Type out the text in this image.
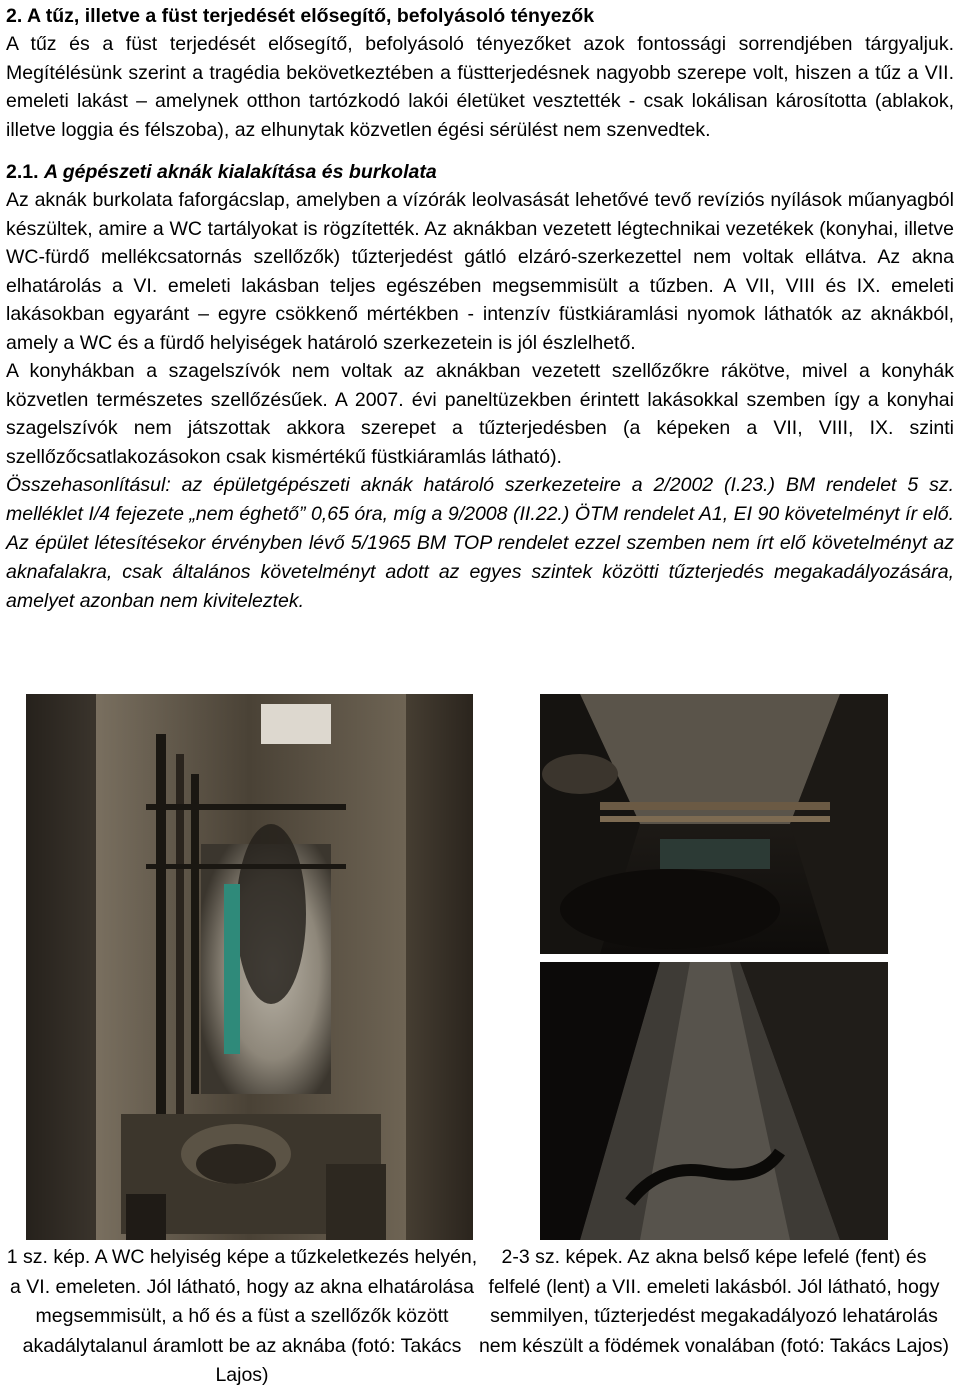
2. A tűz, illetve a füst terjedését elősegítő, befolyásoló tényezők

A tűz és a füst terjedését elősegítő, befolyásoló tényezőket azok fontossági sorrendjében tárgyaljuk. Megítélésünk szerint a tragédia bekövetkeztében a füstterjedésnek nagyobb szerepe volt, hiszen a tűz a VII. emeleti lakást – amelynek otthon tartózkodó lakói életüket vesztették - csak lokálisan károsította (ablakok, illetve loggia és félszoba), az elhunytak közvetlen égési sérülést nem szenvedtek.

2.1. A gépészeti aknák kialakítása és burkolata

Az aknák burkolata faforgácslap, amelyben a vízórák leolvasását lehetővé tevő revíziós nyílások műanyagból készültek, amire a WC tartályokat is rögzítették. Az aknákban vezetett légtechnikai vezetékek (konyhai, illetve WC-fürdő mellékcsatornás szellőzők) tűzterjedést gátló elzáró-szerkezettel nem voltak ellátva. Az akna elhatárolás a VI. emeleti lakásban teljes egészében megsemmisült a tűzben. A VII, VIII és IX. emeleti lakásokban egyaránt – egyre csökkenő mértékben - intenzív füstkiáramlási nyomok láthatók az aknákból, amely a WC és a fürdő helyiségek határoló szerkezetein is jól észlelhető.

A konyhákban a szagelszívók nem voltak az aknákban vezetett szellőzőkre rákötve, mivel a konyhák közvetlen természetes szellőzésűek. A 2007. évi paneltüzekben érintett lakásokkal szemben így a konyhai szagelszívók nem játszottak akkora szerepet a tűzterjedésben (a képeken a VII, VIII, IX. szinti szellőzőcsatlakozásokon csak kismértékű füstkiáramlás látható).

Összehasonlításul: az épületgépészeti aknák határoló szerkezeteire a 2/2002 (I.23.) BM rendelet 5 sz. melléklet I/4 fejezete „nem éghető” 0,65 óra, míg a 9/2008 (II.22.) ÖTM rendelet A1, EI 90 követelményt ír elő. Az épület létesítésekor érvényben lévő 5/1965 BM TOP rendelet ezzel szemben nem írt elő követelményt az aknafalakra, csak általános követelményt adott az egyes szintek közötti tűzterjedés megakadályozására, amelyet azonban nem kiviteleztek.

1 sz. kép. A WC helyiség képe a tűzkeletkezés helyén, a VI. emeleten. Jól látható, hogy az akna elhatárolása megsemmisült, a hő és a füst a szellőzők között akadálytalanul áramlott be az aknába (fotó: Takács Lajos)
2-3 sz. képek. Az akna belső képe lefelé (fent) és felfelé (lent) a VII. emeleti lakásból. Jól látható, hogy semmilyen, tűzterjedést megakadályozó lehatárolás nem készült a födémek vonalában (fotó: Takács Lajos)
